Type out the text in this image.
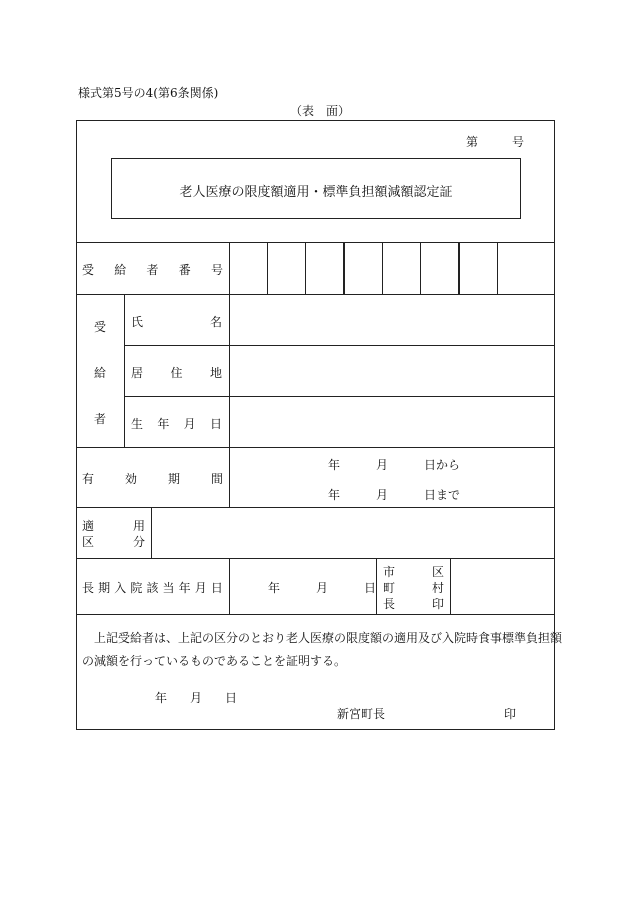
様式第5号の4(第6条関係)
（表　面）
第	号
老人医療の限度額適用・標準負担額減額認定証
受 給 者 番 号
受
給
者
氏	名
居 住 地
生 年 月 日
有	効	期	間
年	月	日から
年	月	日まで
適	用
区	分
長 期 入 院 該 当 年 月 日	年	月	日
市	区
町	村
長	印
上記受給者は、上記の区分のとおり老人医療の限度額の適用及び入院時食事標準負担額
の減額を行っているものであることを証明する。
年 月 日
新宮町長	印
